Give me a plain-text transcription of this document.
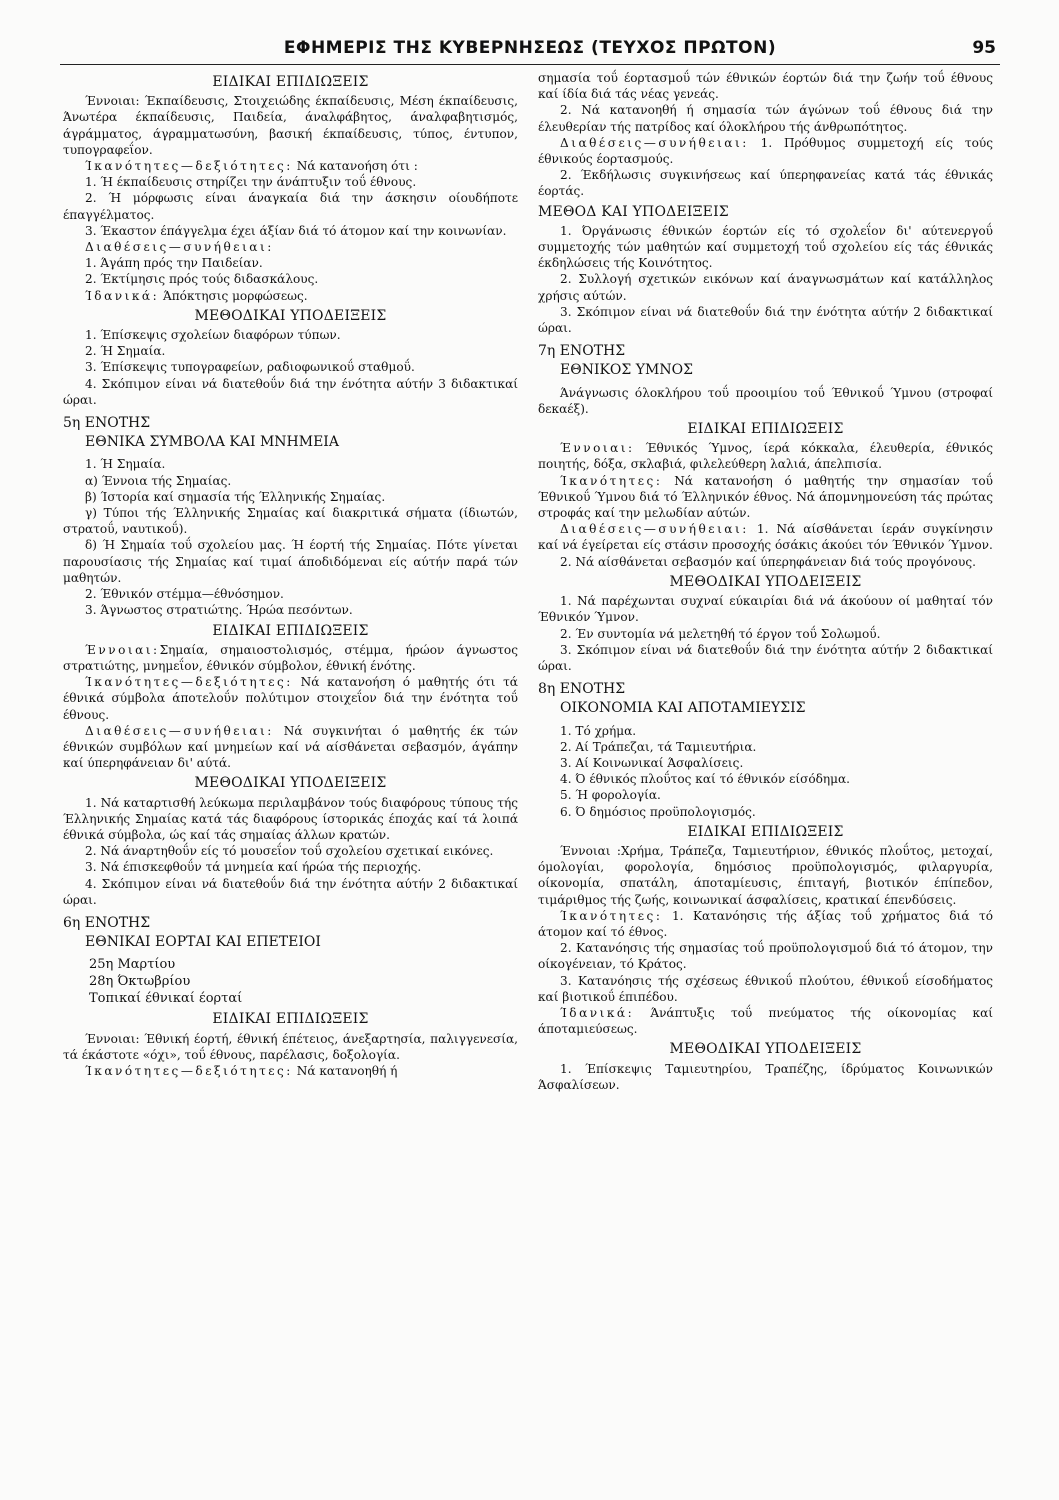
ΕΦΗΜΕΡΙΣ ΤΗΣ ΚΥΒΕΡΝΗΣΕΩΣ (ΤΕΥΧΟΣ ΠΡΩΤΟΝ)	95
ΕΙΔΙΚΑΙ ΕΠΙΔΙΩΞΕΙΣ

Έννοιαι: Έκπαίδευσις, Στοιχειώδης έκπαίδευσις, Μέση έκπαίδευσις, Άνωτέρα έκπαίδευσις, Παιδεία, άναλφάβητος, άναλφαβητισμός, άγράμματος, άγραμματωσύνη, βασική έκπαίδευσις, τύπος, έντυπον, τυπογραφεΐον.

Ίκανότητες—δεξιότητες: Νά κατανοήση ότι :

1. Ή έκπαίδευσις στηρίζει την άνάπτυξιν τοΰ έθνους.

2. Ή μόρφωσις είναι άναγκαία διά την άσκησιν οίουδήποτε έπαγγέλματος.

3. Έκαστον έπάγγελμα έχει άξίαν διά τό άτομον καί την κοινωνίαν.

Διαθέσεις—συνήθειαι:

1. Άγάπη πρός την Παιδείαν.

2. Έκτίμησις πρός τούς διδασκάλους.

Ίδανικά: Άπόκτησις μορφώσεως.

ΜΕΘΟΔΙΚΑΙ ΥΠΟΔΕΙΞΕΙΣ

1. Έπίσκεψις σχολείων διαφόρων τύπων.

2. Ή Σημαία.

3. Έπίσκεψις τυπογραφείων, ραδιοφωνικοΰ σταθμοΰ.

4. Σκόπιμον είναι νά διατεθοΰν διά την ένότητα αύτήν 3 διδακτικαί ώραι.

5η ΕΝΟΤΗΣ
ΕΘΝΙΚΑ ΣΥΜΒΟΛΑ ΚΑΙ ΜΝΗΜΕΙΑ

1. Ή Σημαία.

α) Έννοια τής Σημαίας.

β) Ίστορία καί σημασία τής Έλληνικής Σημαίας.

γ) Τύποι τής Έλληνικής Σημαίας καί διακριτικά σήματα (ίδιωτών, στρατοΰ, ναυτικοΰ).

δ) Ή Σημαία τοΰ σχολείου μας. Ή έορτή τής Σημαίας. Πότε γίνεται παρουσίασις τής Σημαίας καί τιμαί άποδιδόμεναι είς αύτήν παρά τών μαθητών.

2. Έθνικόν στέμμα—έθνόσημον.

3. Άγνωστος στρατιώτης. Ήρώα πεσόντων.

ΕΙΔΙΚΑΙ ΕΠΙΔΙΩΞΕΙΣ

Έννοιαι:Σημαία, σημαιοστολισμός, στέμμα, ήρώον άγνωστος στρατιώτης, μνημεΐον, έθνικόν σύμβολον, έθνική ένότης.

Ίκανότητες—δεξιότητες: Νά κατανοήση ό μαθητής ότι τά έθνικά σύμβολα άποτελοΰν πολύτιμον στοιχεΐον διά την ένότητα τοΰ έθνους.

Διαθέσεις—συνήθειαι: Νά συγκινήται ό μαθητής έκ τών έθνικών συμβόλων καί μνημείων καί νά αίσθάνεται σεβασμόν, άγάπην καί ύπερηφάνειαν δι' αύτά.

ΜΕΘΟΔΙΚΑΙ ΥΠΟΔΕΙΞΕΙΣ

1. Νά καταρτισθή λεύκωμα περιλαμβάνον τούς διαφόρους τύπους τής Έλληνικής Σημαίας κατά τάς διαφόρους ίστορικάς έποχάς καί τά λοιπά έθνικά σύμβολα, ώς καί τάς σημαίας άλλων κρατών.

2. Νά άναρτηθοΰν είς τό μουσεΐον τοΰ σχολείου σχετικαί εικόνες.

3. Νά έπισκεφθοΰν τά μνημεία καί ήρώα τής περιοχής.

4. Σκόπιμον είναι νά διατεθοΰν διά την ένότητα αύτήν 2 διδακτικαί ώραι.

6η ΕΝΟΤΗΣ
ΕΘΝΙΚΑΙ ΕΟΡΤΑΙ ΚΑΙ ΕΠΕΤΕΙΟΙ

25η Μαρτίου

28η Όκτωβρίου

Τοπικαί έθνικαί έορταί

ΕΙΔΙΚΑΙ ΕΠΙΔΙΩΞΕΙΣ

Έννοιαι: Έθνική έορτή, έθνική έπέτειος, άνεξαρτησία, παλιγγενεσία, τά έκάστοτε «όχι», τοΰ έθνους, παρέλασις, δοξολογία.

Ίκανότητες—δεξιότητες: Νά κατανοηθή ή

σημασία τοΰ έορτασμοΰ τών έθνικών έορτών διά την ζωήν τοΰ έθνους καί ίδία διά τάς νέας γενεάς.

2. Νά κατανοηθή ή σημασία τών άγώνων τοΰ έθνους διά την έλευθερίαν τής πατρίδος καί όλοκλήρου τής άνθρωπότητος.

Διαθέσεις—συνήθειαι: 1. Πρόθυμος συμμετοχή είς τούς έθνικούς έορτασμούς.

2. Έκδήλωσις συγκινήσεως καί ύπερηφανείας κατά τάς έθνικάς έορτάς.

ΜΕΘΟΔ ΚΑΙ ΥΠΟΔΕΙΞΕΙΣ

1. Όργάνωσις έθνικών έορτών είς τό σχολεΐον δι' αύτενεργοΰ συμμετοχής τών μαθητών καί συμμετοχή τοΰ σχολείου είς τάς έθνικάς έκδηλώσεις τής Κοινότητος.

2. Συλλογή σχετικών εικόνων καί άναγνωσμάτων καί κατάλληλος χρήσις αύτών.

3. Σκόπιμον είναι νά διατεθοΰν διά την ένότητα αύτήν 2 διδακτικαί ώραι.

7η ΕΝΟΤΗΣ
ΕΘΝΙΚΟΣ ΥΜΝΟΣ

Άνάγνωσις όλοκλήρου τοΰ προοιμίου τοΰ Έθνικοΰ Ύμνου (στροφαί δεκαέξ).

ΕΙΔΙΚΑΙ ΕΠΙΔΙΩΞΕΙΣ

Έννοιαι: Έθνικός Ύμνος, ίερά κόκκαλα, έλευθερία, έθνικός ποιητής, δόξα, σκλαβιά, φιλελεύθερη λαλιά, άπελπισία.

Ίκανότητες: Νά κατανοήση ό μαθητής την σημασίαν τοΰ Έθνικοΰ Ύμνου διά τό Έλληνικόν έθνος. Νά άπομνημονεύση τάς πρώτας στροφάς καί την μελωδίαν αύτών.

Διαθέσεις—συνήθειαι: 1. Νά αίσθάνεται ίεράν συγκίνησιν καί νά έγείρεται είς στάσιν προσοχής όσάκις άκούει τόν Έθνικόν Ύμνον.

2. Νά αίσθάνεται σεβασμόν καί ύπερηφάνειαν διά τούς προγόνους.

ΜΕΘΟΔΙΚΑΙ ΥΠΟΔΕΙΞΕΙΣ

1. Νά παρέχωνται συχναί εύκαιρίαι διά νά άκούουν οί μαθηταί τόν Έθνικόν Ύμνον.

2. Έν συντομία νά μελετηθή τό έργον τοΰ Σολωμοΰ.

3. Σκόπιμον είναι νά διατεθοΰν διά την ένότητα αύτήν 2 διδακτικαί ώραι.

8η ΕΝΟΤΗΣ
ΟΙΚΟΝΟΜΙΑ ΚΑΙ ΑΠΟΤΑΜΙΕΥΣΙΣ

1. Τό χρήμα.

2. Αί Τράπεζαι, τά Ταμιευτήρια.

3. Αί Κοινωνικαί Άσφαλίσεις.

4. Ό έθνικός πλοΰτος καί τό έθνικόν είσόδημα.

5. Ή φορολογία.

6. Ό δημόσιος προϋπολογισμός.

ΕΙΔΙΚΑΙ ΕΠΙΔΙΩΞΕΙΣ

Έννοιαι :Χρήμα, Τράπεζα, Ταμιευτήριον, έθνικός πλοΰτος, μετοχαί, όμολογίαι, φορολογία, δημόσιος προϋπολογισμός, φιλαργυρία, οίκονομία, σπατάλη, άποταμίευσις, έπιταγή, βιοτικόν έπίπεδον, τιμάριθμος τής ζωής, κοινωνικαί άσφαλίσεις, κρατικαί έπενδύσεις.

Ίκανότητες: 1. Κατανόησις τής άξίας τοΰ χρήματος διά τό άτομον καί τό έθνος.

2. Κατανόησις τής σημασίας τοΰ προϋπολογισμοΰ διά τό άτομον, την οίκογένειαν, τό Κράτος.

3. Κατανόησις τής σχέσεως έθνικοΰ πλούτου, έθνικοΰ είσοδήματος καί βιοτικοΰ έπιπέδου.

Ίδανικά: Άνάπτυξις τοΰ πνεύματος τής οίκονομίας καί άποταμιεύσεως.

ΜΕΘΟΔΙΚΑΙ ΥΠΟΔΕΙΞΕΙΣ

1. Έπίσκεψις Ταμιευτηρίου, Τραπέζης, ίδρύματος Κοινωνικών Άσφαλίσεων.
